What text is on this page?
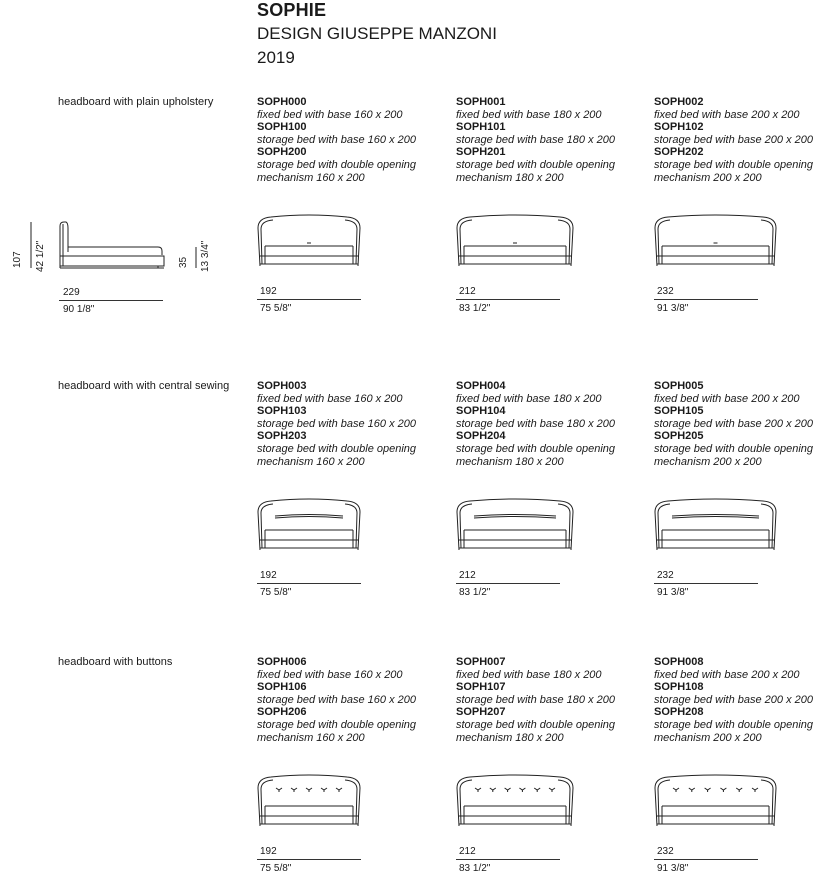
SOPHIE
DESIGN GIUSEPPE MANZONI
2019
107 42 1/2"	35 13 3/4"
229
90 1/8"
headboard with plain upholstery	SOPH000
fixed bed with base 160 x 200
SOPH100
storage bed with base 160 x 200
SOPH200
storage bed with double opening mechanism 160 x 200
192
75 5/8"
SOPH001
fixed bed with base 180 x 200
SOPH101
storage bed with base 180 x 200
SOPH201
storage bed with double opening mechanism 180 x 200
212
83 1/2"
SOPH002
fixed bed with base 200 x 200
SOPH102
storage bed with base 200 x 200
SOPH202
storage bed with double opening mechanism 200 x 200
232
91 3/8"
headboard with with central sewing	SOPH003
fixed bed with base 160 x 200
SOPH103
storage bed with base 160 x 200
SOPH203
storage bed with double opening mechanism 160 x 200
192
75 5/8"
SOPH004
fixed bed with base 180 x 200
SOPH104
storage bed with base 180 x 200
SOPH204
storage bed with double opening mechanism 180 x 200
212
83 1/2"
SOPH005
fixed bed with base 200 x 200
SOPH105
storage bed with base 200 x 200
SOPH205
storage bed with double opening mechanism 200 x 200
232
91 3/8"
headboard with buttons	SOPH006
fixed bed with base 160 x 200
SOPH106
storage bed with base 160 x 200
SOPH206
storage bed with double opening mechanism 160 x 200
192
75 5/8"
SOPH007
fixed bed with base 180 x 200
SOPH107
storage bed with base 180 x 200
SOPH207
storage bed with double opening mechanism 180 x 200
212
83 1/2"
SOPH008
fixed bed with base 200 x 200
SOPH108
storage bed with base 200 x 200
SOPH208
storage bed with double opening mechanism 200 x 200
232
91 3/8"
